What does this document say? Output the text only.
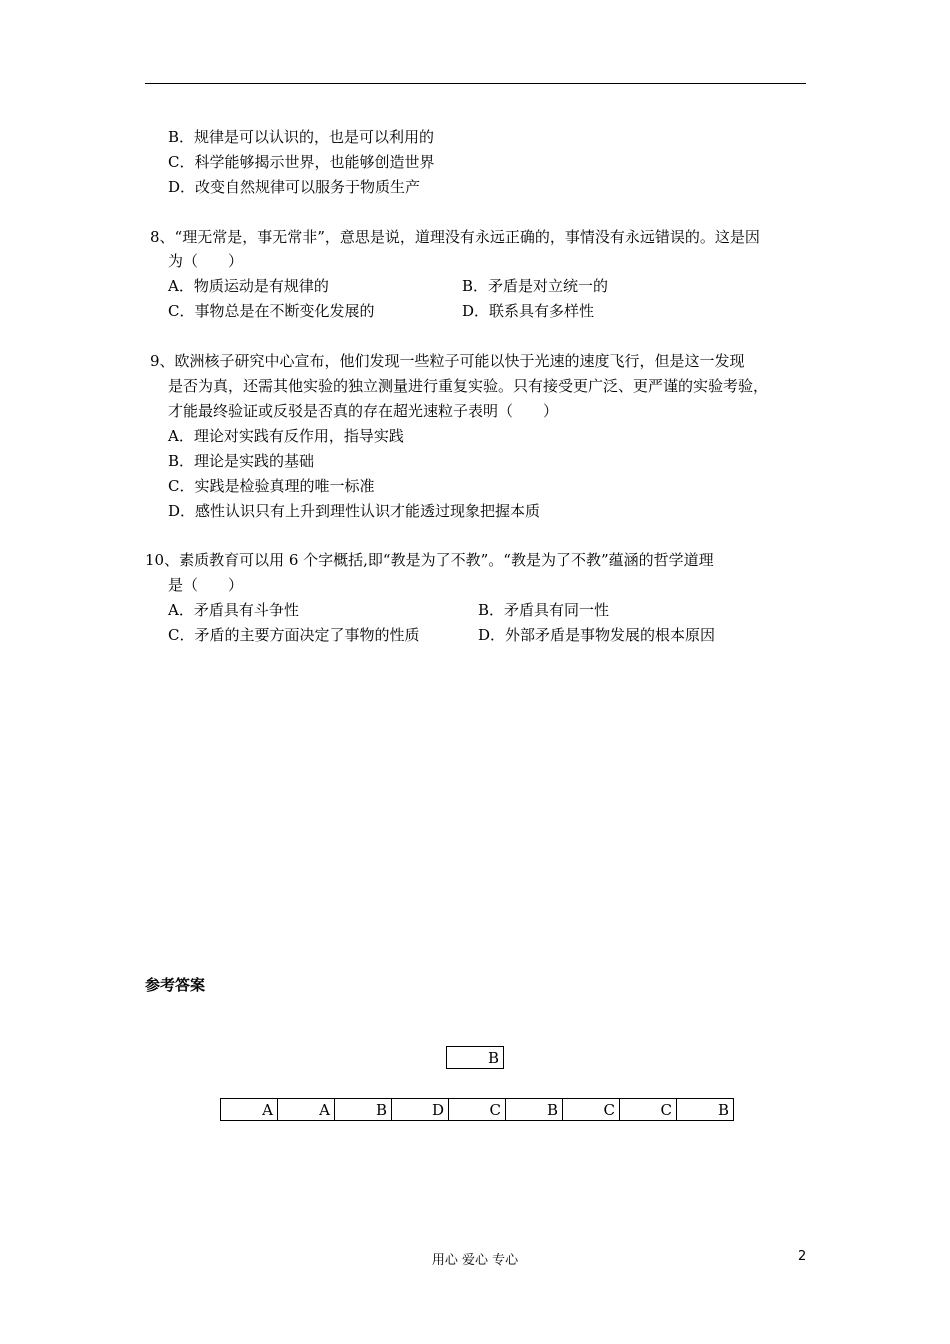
B．规律是可以认识的，也是可以利用的
C．科学能够揭示世界，也能够创造世界
D．改变自然规律可以服务于物质生产
8、“理无常是，事无常非”，意思是说，道理没有永远正确的，事情没有永远错误的。这是因
为（　　）
A．物质运动是有规律的	B．矛盾是对立统一的
C．事物总是在不断变化发展的	D．联系具有多样性
9、欧洲核子研究中心宣布，他们发现一些粒子可能以快于光速的速度飞行，但是这一发现
是否为真，还需其他实验的独立测量进行重复实验。只有接受更广泛、更严谨的实验考验，
才能最终验证或反驳是否真的存在超光速粒子表明（　　）
A．理论对实践有反作用，指导实践
B．理论是实践的基础
C．实践是检验真理的唯一标准
D．感性认识只有上升到理性认识才能透过现象把握本质
10、素质教育可以用 6 个字概括,即“教是为了不教”。“教是为了不教”蕴涵的哲学道理
是（　　）
A．矛盾具有斗争性	B．矛盾具有同一性
C．矛盾的主要方面决定了事物的性质	D．外部矛盾是事物发展的根本原因
参考答案
B
A	A	B	D	C	B	C	C	B
用心 爱心 专心	2
